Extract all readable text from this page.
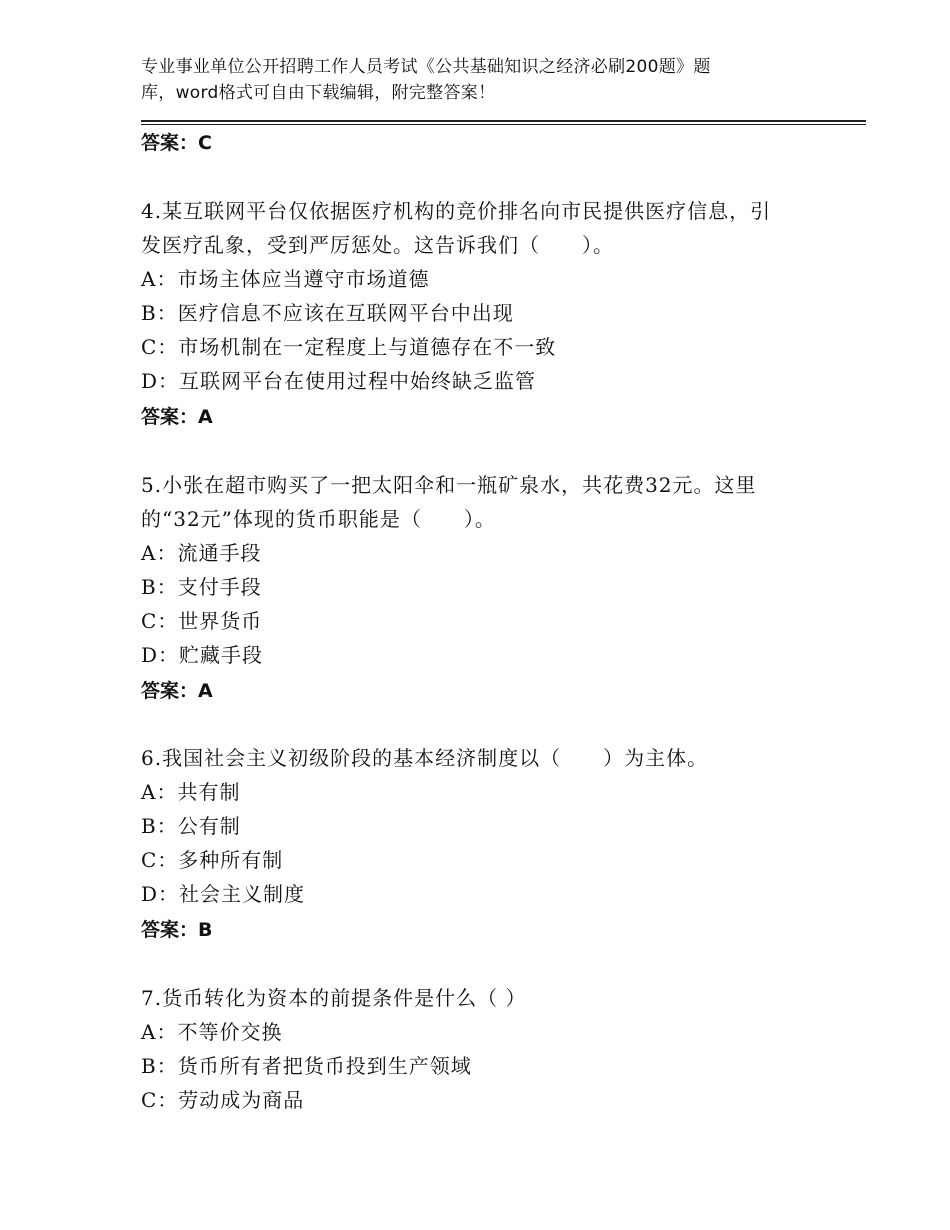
专业事业单位公开招聘工作人员考试《公共基础知识之经济必刷200题》题
库，word格式可自由下载编辑，附完整答案！
答案：C
4.某互联网平台仅依据医疗机构的竞价排名向市民提供医疗信息，引
发医疗乱象，受到严厉惩处。这告诉我们（　　）。
A：市场主体应当遵守市场道德
B：医疗信息不应该在互联网平台中出现
C：市场机制在一定程度上与道德存在不一致
D：互联网平台在使用过程中始终缺乏监管
答案：A
5.小张在超市购买了一把太阳伞和一瓶矿泉水，共花费32元。这里
的“32元”体现的货币职能是（　　）。
A：流通手段
B：支付手段
C：世界货币
D：贮藏手段
答案：A
6.我国社会主义初级阶段的基本经济制度以（　　）为主体。
A：共有制
B：公有制
C：多种所有制
D：社会主义制度
答案：B
7.货币转化为资本的前提条件是什么（ ）
A：不等价交换
B：货币所有者把货币投到生产领域
C：劳动成为商品
